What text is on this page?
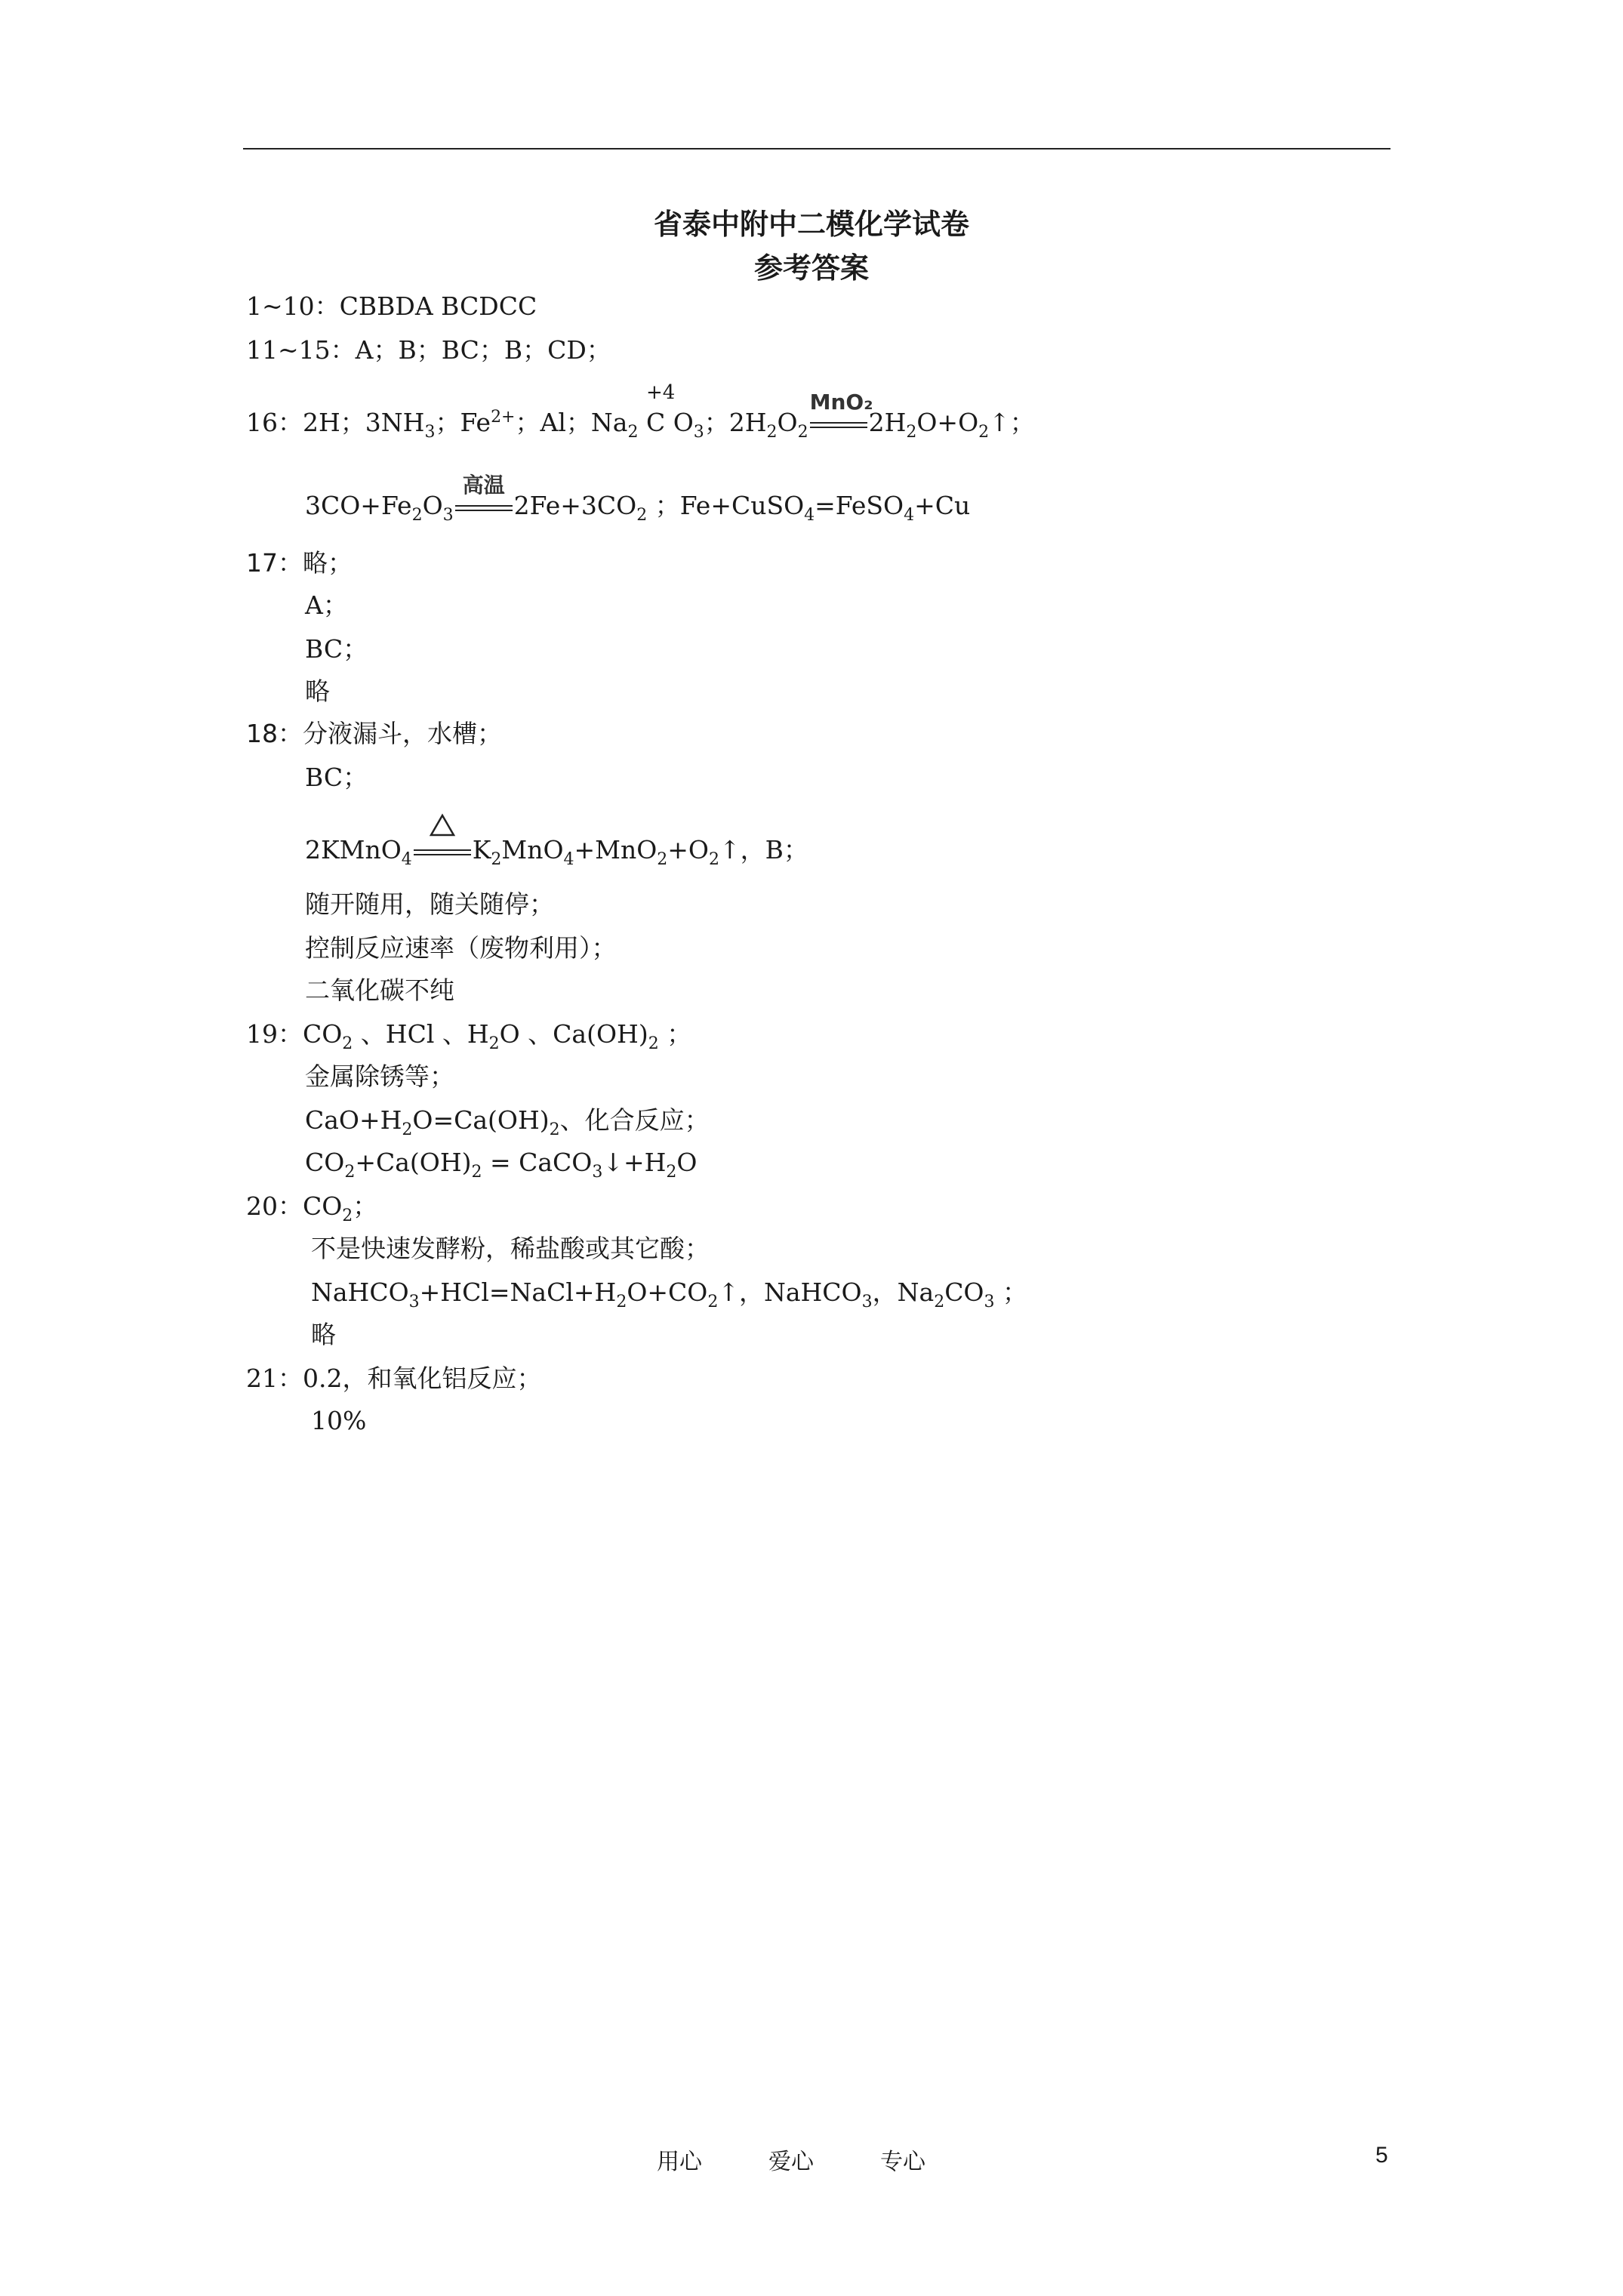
省泰中附中二模化学试卷
参考答案
1~10：CBBDA BCDCC
11~15：A；B；BC；B；CD；
16：2H；$3NH_3$；$Fe^{2+}$；Al；$Na_2$
+4
C $O_3$；$2H_2O_2$
MnO₂
$2H_2O+O_2↑$；
$3CO+Fe_2O_3$
高温
$2Fe+3CO_2$ ；Fe+CuSO$_4$=FeSO$_4$+Cu
17：略；
A；
BC；
略
18：分液漏斗，水槽；
BC；
2KMnO$_4$ $K_2MnO_4+MnO_2+O_2↑$，B；
随开随用，随关随停；
控制反应速率（废物利用）；
二氧化碳不纯
19：$CO_2$ 、HCl 、$H_2O$ 、$Ca(OH)_2$ ；
金属除锈等；
$CaO+H_2O=Ca(OH)_2$、化合反应；
$CO_2+Ca(OH)_2$ = $CaCO_3↓+H_2O$
20：$CO_2$；
不是快速发酵粉，稀盐酸或其它酸；
$NaHCO_3+HCl=NaCl+H_2O+CO_2↑$，NaHCO$_3$，$Na_2CO_3$ ；
略
21：0.2，和氧化铝反应；
10%
用心	爱心	专心	5
